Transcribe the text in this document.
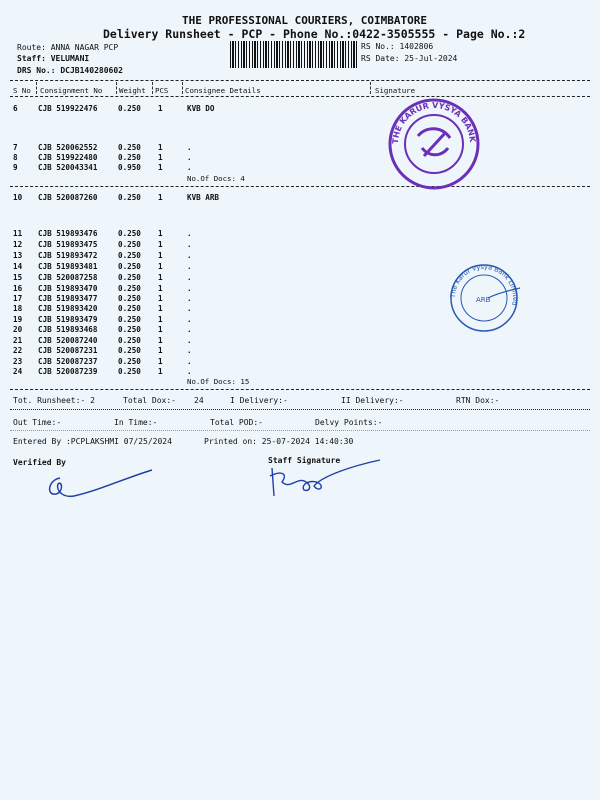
THE PROFESSIONAL COURIERS, COIMBATORE
Delivery Runsheet - PCP - Phone No.:0422-3505555 - Page No.:2
Route: ANNA NAGAR PCP
Staff: VELUMANI
DRS No.: DCJB140280602
RS No.: 1402806
RS Date: 25-Jul-2024
S No Consignment No Weight PCS Consignee Details	Signature
6	CJB 519922476	0.250 1	KVB DO
7	CJB 520062552	0.250 1	.
8	CJB 519922480	0.250 1	.
9	CJB 520043341	0.950 1	.
No.Of Docs: 4
10 CJB 520087260	0.250 1	KVB ARB
11 CJB 519893476	0.250 1	.
12 CJB 519893475	0.250 1	.
13 CJB 519893472	0.250 1	.
14 CJB 519893481	0.250 1	.
15 CJB 520087258	0.250 1	.
16 CJB 519893470	0.250 1	.
17 CJB 519893477	0.250 1	.
18 CJB 519893420	0.250 1	.
19 CJB 519893479	0.250 1	.
20 CJB 519893468	0.250 1	.
21 CJB 520087240	0.250 1	.
22 CJB 520087231	0.250 1	.
23 CJB 520087237	0.250 1	.
24 CJB 520087239	0.250 1	.
No.Of Docs: 15
Tot. Runsheet:- 2	Total Dox:- 24	I Delivery:-	II Delivery:-	RTN Dox:-
Out Time:-	In Time:-	Total POD:-	Delvy Points:-
Entered By :PCPLAKSHMI 07/25/2024	Printed on: 25-07-2024 14:40:30
Verified By	Staff Signature
THE KARUR VYSYA BANK
The Karur Vysya Bank Limited
ARB
